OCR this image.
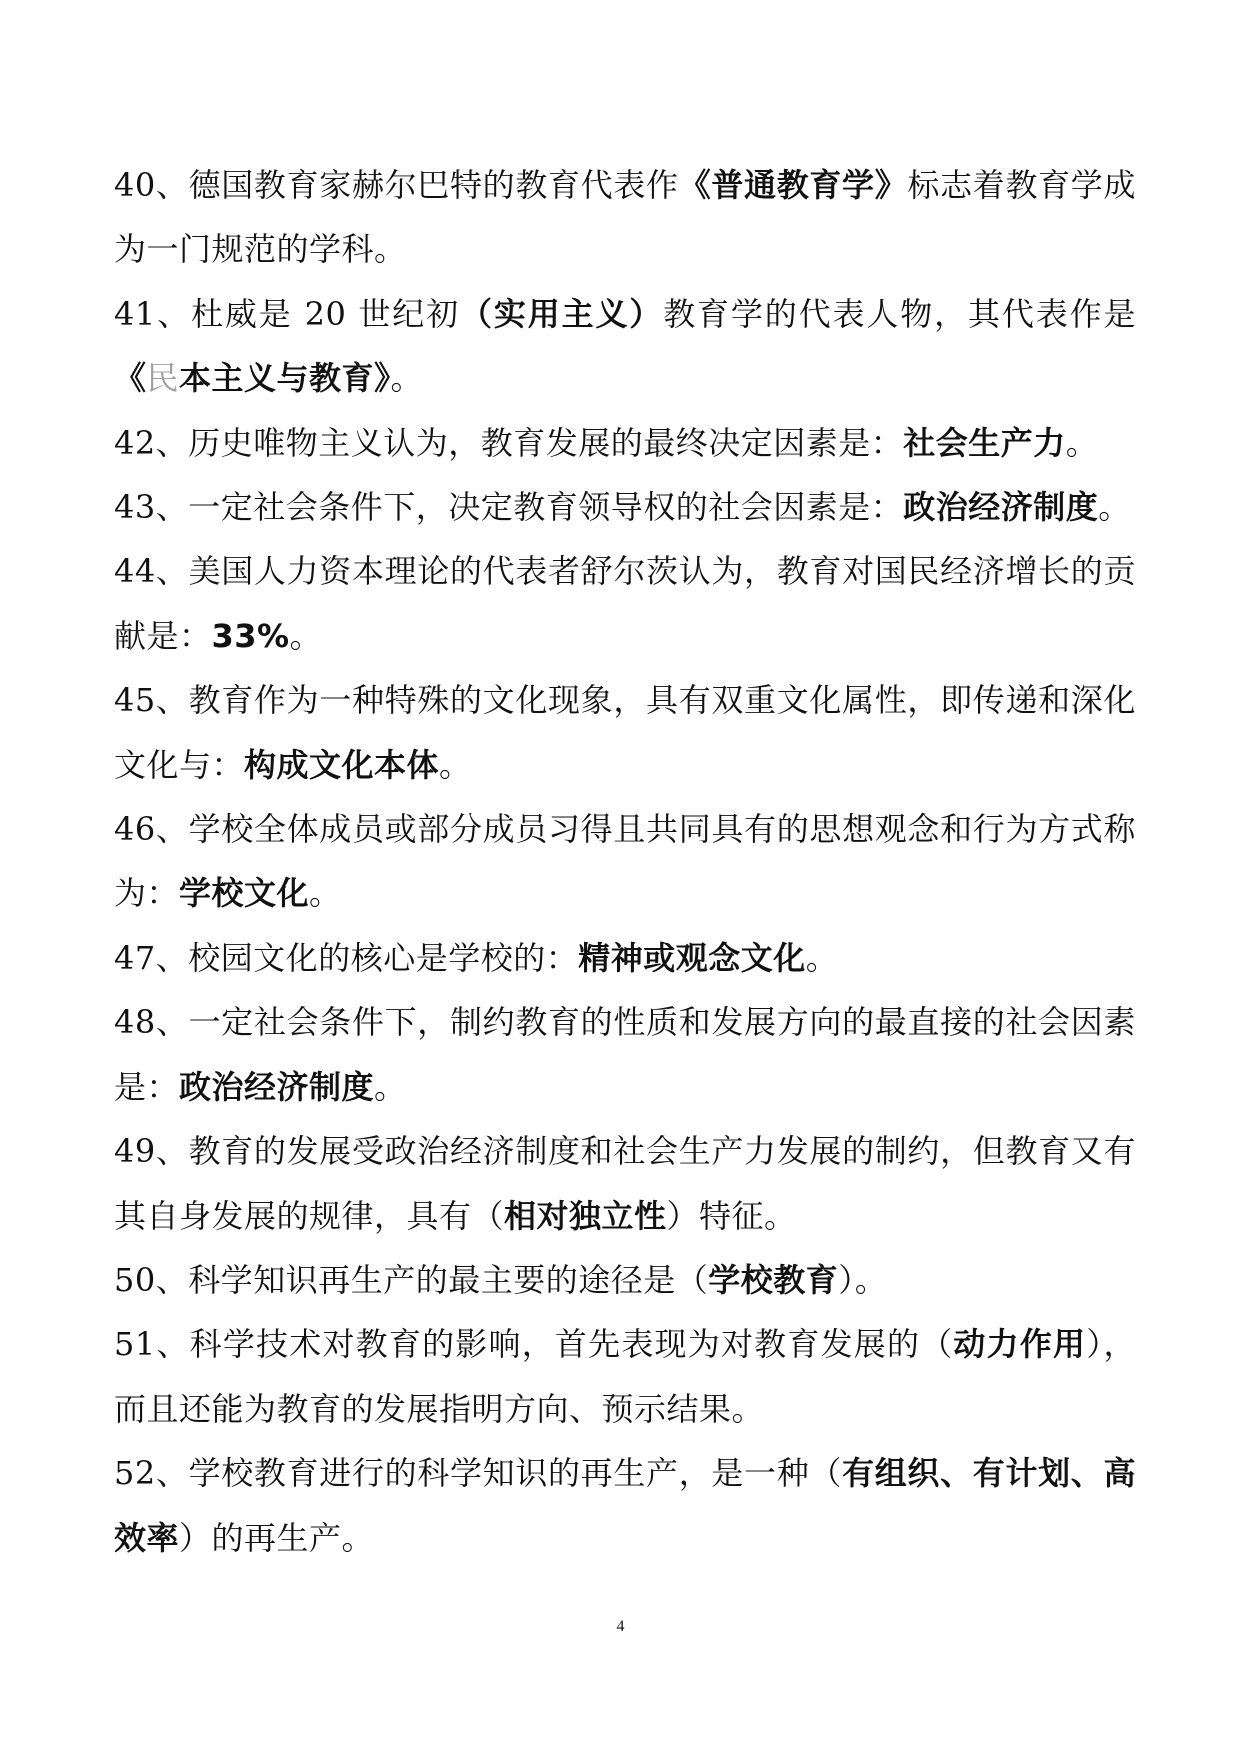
40、德国教育家赫尔巴特的教育代表作《普通教育学》标志着教育学成为一门规范的学科。

41、杜威是 20 世纪初（实用主义）教育学的代表人物，其代表作是《民本主义与教育》。

42、历史唯物主义认为，教育发展的最终决定因素是：社会生产力。

43、一定社会条件下，决定教育领导权的社会因素是：政治经济制度。

44、美国人力资本理论的代表者舒尔茨认为，教育对国民经济增长的贡献是：33%。

45、教育作为一种特殊的文化现象，具有双重文化属性，即传递和深化文化与：构成文化本体。

46、学校全体成员或部分成员习得且共同具有的思想观念和行为方式称为：学校文化。

47、校园文化的核心是学校的：精神或观念文化。

48、一定社会条件下，制约教育的性质和发展方向的最直接的社会因素是：政治经济制度。

49、教育的发展受政治经济制度和社会生产力发展的制约，但教育又有其自身发展的规律，具有（相对独立性）特征。

50、科学知识再生产的最主要的途径是（学校教育）。

51、科学技术对教育的影响，首先表现为对教育发展的（动力作用），而且还能为教育的发展指明方向、预示结果。

52、学校教育进行的科学知识的再生产，是一种（有组织、有计划、高效率）的再生产。

4
